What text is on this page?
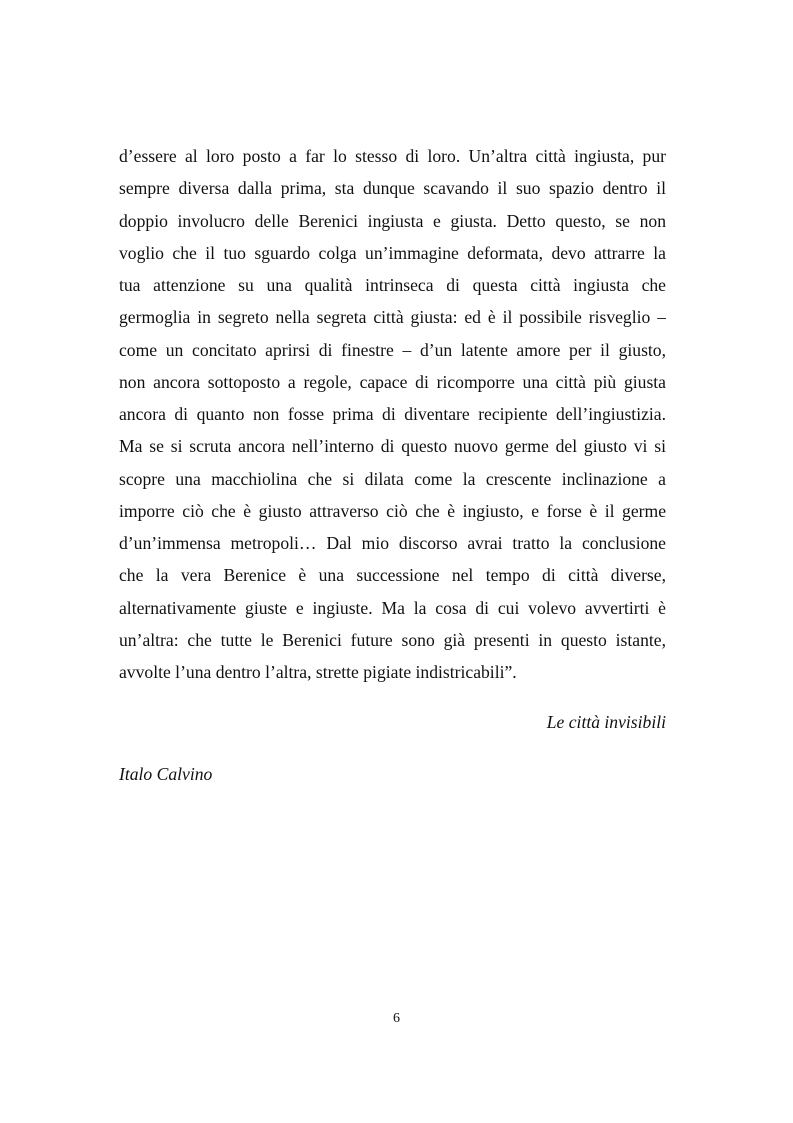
d’essere al loro posto a far lo stesso di loro. Un’altra città ingiusta, pur
sempre diversa dalla prima, sta dunque scavando il suo spazio dentro il
doppio involucro delle Berenici ingiusta e giusta. Detto questo, se non
voglio che il tuo sguardo colga un’immagine deformata, devo attrarre la
tua attenzione su una qualità intrinseca di questa città ingiusta che
germoglia in segreto nella segreta città giusta: ed è il possibile risveglio –
come un concitato aprirsi di finestre – d’un latente amore per il giusto,
non ancora sottoposto a regole, capace di ricomporre una città più giusta
ancora di quanto non fosse prima di diventare recipiente dell’ingiustizia.
Ma se si scruta ancora nell’interno di questo nuovo germe del giusto vi si
scopre una macchiolina che si dilata come la crescente inclinazione a
imporre ciò che è giusto attraverso ciò che è ingiusto, e forse è il germe
d’un’immensa metropoli… Dal mio discorso avrai tratto la conclusione
che la vera Berenice è una successione nel tempo di città diverse,
alternativamente giuste e ingiuste. Ma la cosa di cui volevo avvertirti è
un’altra: che tutte le Berenici future sono già presenti in questo istante,
avvolte l’una dentro l’altra, strette pigiate indistricabili”.

Le città invisibili

Italo Calvino

6
